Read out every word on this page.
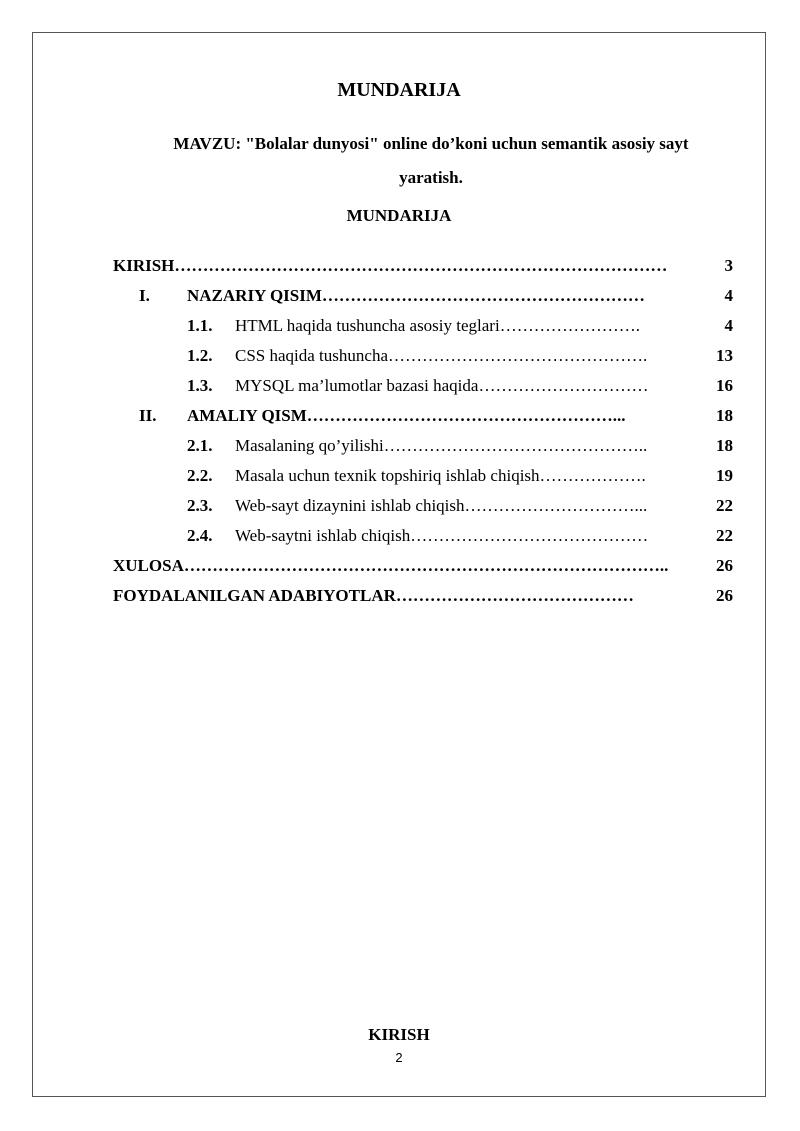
MUNDARIJA
MAVZU: "Bolalar dunyosi" online do’koni uchun semantik asosiy sayt yaratish.
MUNDARIJA
KIRISH……………………………………………………………………………	3
I. NAZARIY QISIM…………………………………………………	4
1.1. HTML haqida tushuncha asosiy teglari…………………….	4
1.2. CSS haqida tushuncha……………………………………….	13
1.3. MYSQL ma’lumotlar bazasi haqida…………………………	16
II. AMALIY QISM………………………………………………...	18
2.1. Masalaning qo’yilishi………………………………………..	18
2.2. Masala uchun texnik topshiriq ishlab chiqish……………….	19
2.3. Web-sayt dizaynini ishlab chiqish…………………………...	22
2.4. Web-saytni ishlab chiqish……………………………………	22
XULOSA…………………………………………………………………………..	26
FOYDALANILGAN ADABIYOTLAR……………………………………	26
KIRISH
2
